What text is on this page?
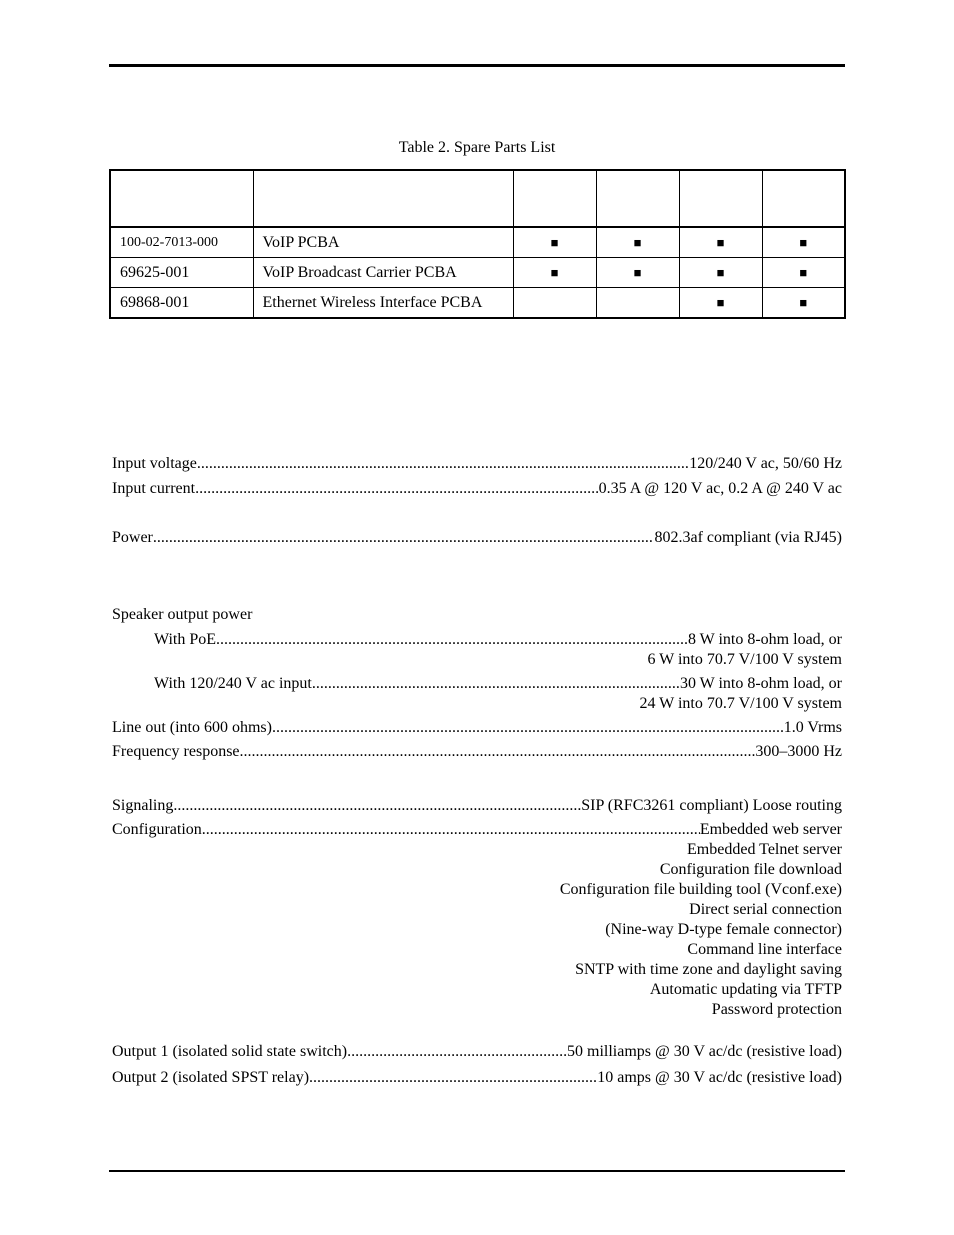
Table 2. Spare Parts List

100-02-7013-000	VoIP PCBA	■	■	■	■
69625-001	VoIP Broadcast Carrier PCBA	■	■	■	■
69868-001	Ethernet Wireless Interface PCBA			■	■
Input voltage .....	120/240 V ac, 50/60 Hz
Input current .....	0.35 A @ 120 V ac, 0.2 A @ 240 V ac
Power .....	802.3af compliant (via RJ45)
Speaker output power
With PoE .....	8 W into 8-ohm load, or
6 W into 70.7 V/100 V system
With 120/240 V ac input .....	30 W into 8-ohm load, or
24 W into 70.7 V/100 V system
Line out (into 600 ohms) .....	1.0 Vrms
Frequency response .....	300–3000 Hz
Signaling .....	SIP (RFC3261 compliant) Loose routing
Configuration .....	Embedded web server
Embedded Telnet server
Configuration file download
Configuration file building tool (Vconf.exe)
Direct serial connection
(Nine-way D-type female connector)
Command line interface
SNTP with time zone and daylight saving
Automatic updating via TFTP
Password protection
Output 1 (isolated solid state switch) .....	50 milliamps @ 30 V ac/dc (resistive load)
Output 2 (isolated SPST relay) .....	10 amps @ 30 V ac/dc (resistive load)
